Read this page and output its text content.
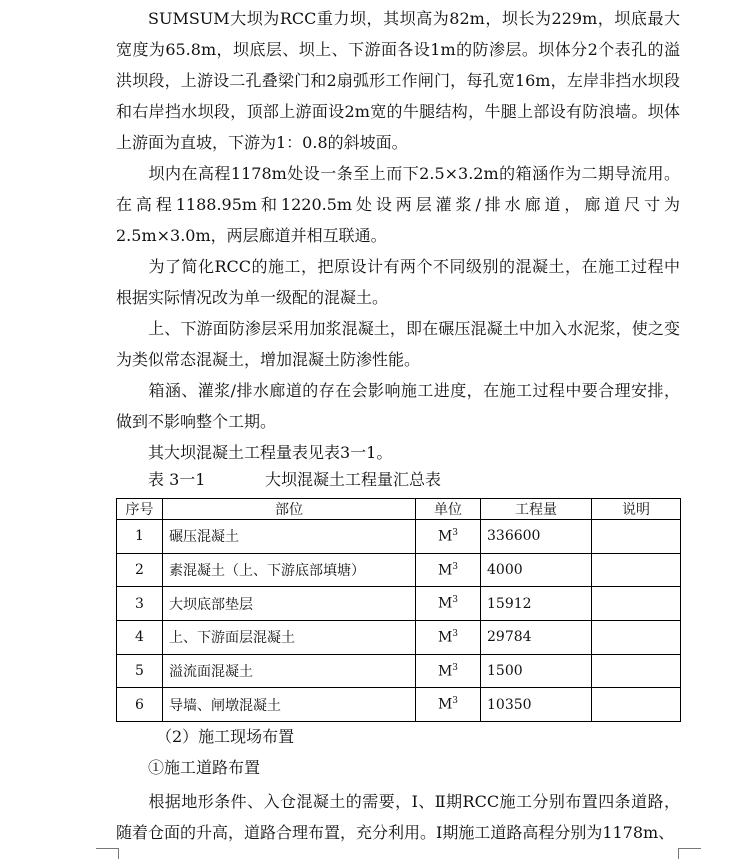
SUMSUM大坝为RCC重力坝，其坝高为82m，坝长为229m，坝底最大宽度为65.8m，坝底层、坝上、下游面各设1m的防渗层。坝体分2个表孔的溢洪坝段，上游设二孔叠梁门和2扇弧形工作闸门，每孔宽16m，左岸非挡水坝段和右岸挡水坝段，顶部上游面设2m宽的牛腿结构，牛腿上部设有防浪墙。坝体上游面为直坡，下游为1：0.8的斜坡面。

坝内在高程1178m处设一条至上而下2.5×3.2m的箱涵作为二期导流用。在高程1188.95m和1220.5m处设两层灌浆/排水廊道，廊道尺寸为2.5m×3.0m，两层廊道并相互联通。

为了简化RCC的施工，把原设计有两个不同级别的混凝土，在施工过程中根据实际情况改为单一级配的混凝土。

上、下游面防渗层采用加浆混凝土，即在碾压混凝土中加入水泥浆，使之变为类似常态混凝土，增加混凝土防渗性能。

箱涵、灌浆/排水廊道的存在会影响施工进度，在施工过程中要合理安排，做到不影响整个工期。

其大坝混凝土工程量表见表3一1。

表 3一1	大坝混凝土工程量汇总表
序号	部位	单位	工程量	说明
1	碾压混凝土	$M^3$	336600	
2	素混凝土（上、下游底部填塘）	$M^3$	4000	
3	大坝底部垫层	$M^3$	15912	
4	上、下游面层混凝土	$M^3$	29784	
5	溢流面混凝土	$M^3$	1500	
6	导墙、闸墩混凝土	$M^3$	10350	
（2）施工现场布置
①施工道路布置

根据地形条件、入仓混凝土的需要，Ⅰ、Ⅱ期RCC施工分别布置四条道路，随着仓面的升高，道路合理布置，充分利用。Ⅰ期施工道路高程分别为1178m、
